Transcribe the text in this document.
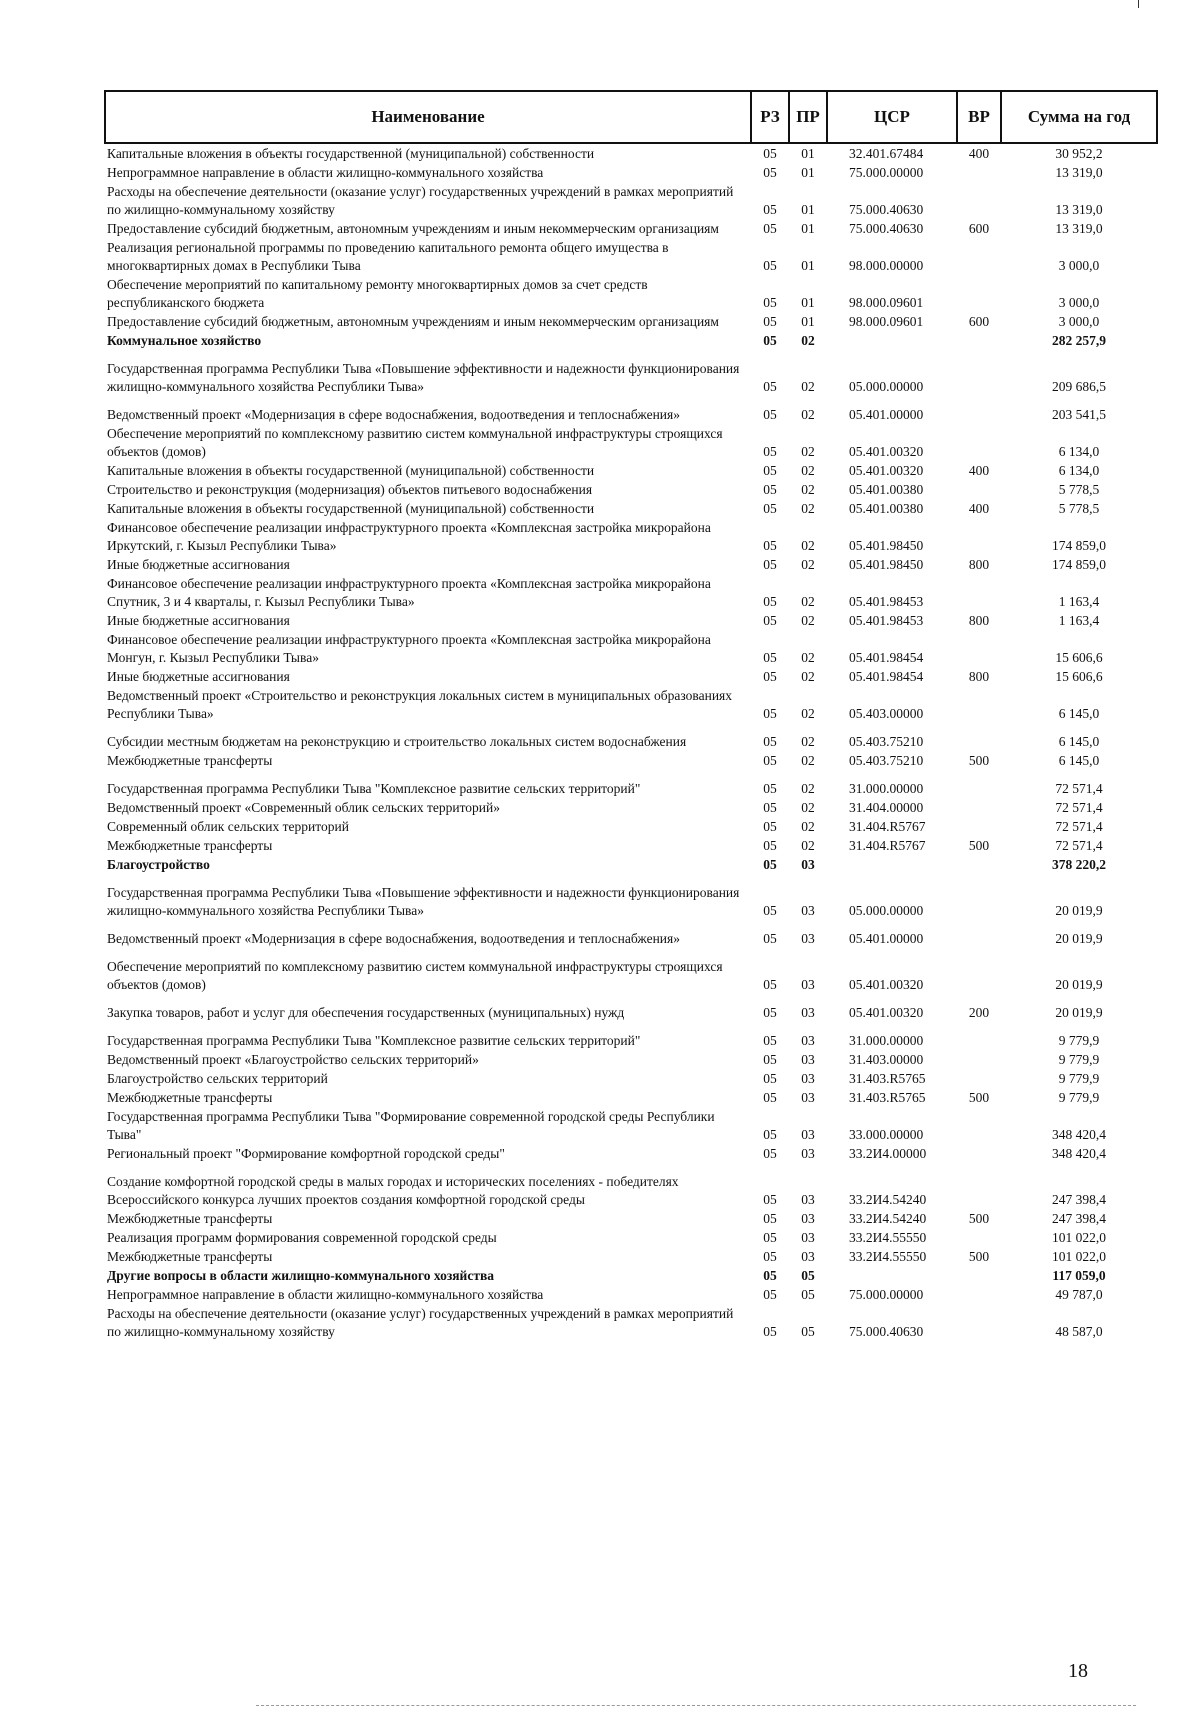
Наименование	РЗ	ПР	ЦСР	ВР	Сумма на год
Капитальные вложения в объекты государственной (муниципальной) собственности	05	01	32.401.67484	400	30 952,2
Непрограммное направление в области жилищно-коммунального хозяйства	05	01	75.000.00000		13 319,0
Расходы на обеспечение деятельности (оказание услуг) государственных учреждений в рамках мероприятий по жилищно-коммунальному хозяйству	05	01	75.000.40630		13 319,0
Предоставление субсидий бюджетным, автономным учреждениям и иным некоммерческим организациям	05	01	75.000.40630	600	13 319,0
Реализация региональной программы по проведению капитального ремонта общего имущества в многоквартирных домах в Республики Тыва	05	01	98.000.00000		3 000,0
Обеспечение мероприятий по капитальному ремонту многоквартирных домов за счет средств республиканского бюджета	05	01	98.000.09601		3 000,0
Предоставление субсидий бюджетным, автономным учреждениям и иным некоммерческим организациям	05	01	98.000.09601	600	3 000,0
Коммунальное хозяйство	05	02			282 257,9
Государственная программа Республики Тыва «Повышение эффективности и надежности функционирования жилищно-коммунального хозяйства Республики Тыва»	05	02	05.000.00000		209 686,5
Ведомственный проект «Модернизация в сфере водоснабжения, водоотведения и теплоснабжения»	05	02	05.401.00000		203 541,5
Обеспечение мероприятий по комплексному развитию систем коммунальной инфраструктуры строящихся объектов (домов)	05	02	05.401.00320		6 134,0
Капитальные вложения в объекты государственной (муниципальной) собственности	05	02	05.401.00320	400	6 134,0
Строительство и реконструкция (модернизация) объектов питьевого водоснабжения	05	02	05.401.00380		5 778,5
Капитальные вложения в объекты государственной (муниципальной) собственности	05	02	05.401.00380	400	5 778,5
Финансовое обеспечение реализации инфраструктурного проекта «Комплексная застройка микрорайона Иркутский, г. Кызыл Республики Тыва»	05	02	05.401.98450		174 859,0
Иные бюджетные ассигнования	05	02	05.401.98450	800	174 859,0
Финансовое обеспечение реализации инфраструктурного проекта «Комплексная застройка микрорайона Спутник, 3 и 4 кварталы, г. Кызыл Республики Тыва»	05	02	05.401.98453		1 163,4
Иные бюджетные ассигнования	05	02	05.401.98453	800	1 163,4
Финансовое обеспечение реализации инфраструктурного проекта «Комплексная застройка микрорайона Монгун, г. Кызыл Республики Тыва»	05	02	05.401.98454		15 606,6
Иные бюджетные ассигнования	05	02	05.401.98454	800	15 606,6
Ведомственный проект «Строительство и реконструкция локальных систем в муниципальных образованиях Республики Тыва»	05	02	05.403.00000		6 145,0
Субсидии местным бюджетам на реконструкцию и строительство локальных систем водоснабжения	05	02	05.403.75210		6 145,0
Межбюджетные трансферты	05	02	05.403.75210	500	6 145,0
Государственная программа Республики Тыва "Комплексное развитие сельских территорий"	05	02	31.000.00000		72 571,4
Ведомственный проект «Современный облик сельских территорий»	05	02	31.404.00000		72 571,4
Современный облик сельских территорий	05	02	31.404.R5767		72 571,4
Межбюджетные трансферты	05	02	31.404.R5767	500	72 571,4
Благоустройство	05	03			378 220,2
Государственная программа Республики Тыва «Повышение эффективности и надежности функционирования жилищно-коммунального хозяйства Республики Тыва»	05	03	05.000.00000		20 019,9
Ведомственный проект «Модернизация в сфере водоснабжения, водоотведения и теплоснабжения»	05	03	05.401.00000		20 019,9
Обеспечение мероприятий по комплексному развитию систем коммунальной инфраструктуры строящихся объектов (домов)	05	03	05.401.00320		20 019,9
Закупка товаров, работ и услуг для обеспечения государственных (муниципальных) нужд	05	03	05.401.00320	200	20 019,9
Государственная программа Республики Тыва "Комплексное развитие сельских территорий"	05	03	31.000.00000		9 779,9
Ведомственный проект «Благоустройство сельских территорий»	05	03	31.403.00000		9 779,9
Благоустройство сельских территорий	05	03	31.403.R5765		9 779,9
Межбюджетные трансферты	05	03	31.403.R5765	500	9 779,9
Государственная программа Республики Тыва "Формирование современной городской среды Республики Тыва"	05	03	33.000.00000		348 420,4
Региональный проект "Формирование комфортной городской среды"	05	03	33.2И4.00000		348 420,4
Создание комфортной городской среды в малых городах и исторических поселениях - победителях Всероссийского конкурса лучших проектов создания комфортной городской среды	05	03	33.2И4.54240		247 398,4
Межбюджетные трансферты	05	03	33.2И4.54240	500	247 398,4
Реализация программ формирования современной городской среды	05	03	33.2И4.55550		101 022,0
Межбюджетные трансферты	05	03	33.2И4.55550	500	101 022,0
Другие вопросы в области жилищно-коммунального хозяйства	05	05			117 059,0
Непрограммное направление в области жилищно-коммунального хозяйства	05	05	75.000.00000		49 787,0
Расходы на обеспечение деятельности (оказание услуг) государственных учреждений в рамках мероприятий по жилищно-коммунальному хозяйству	05	05	75.000.40630		48 587,0
18
